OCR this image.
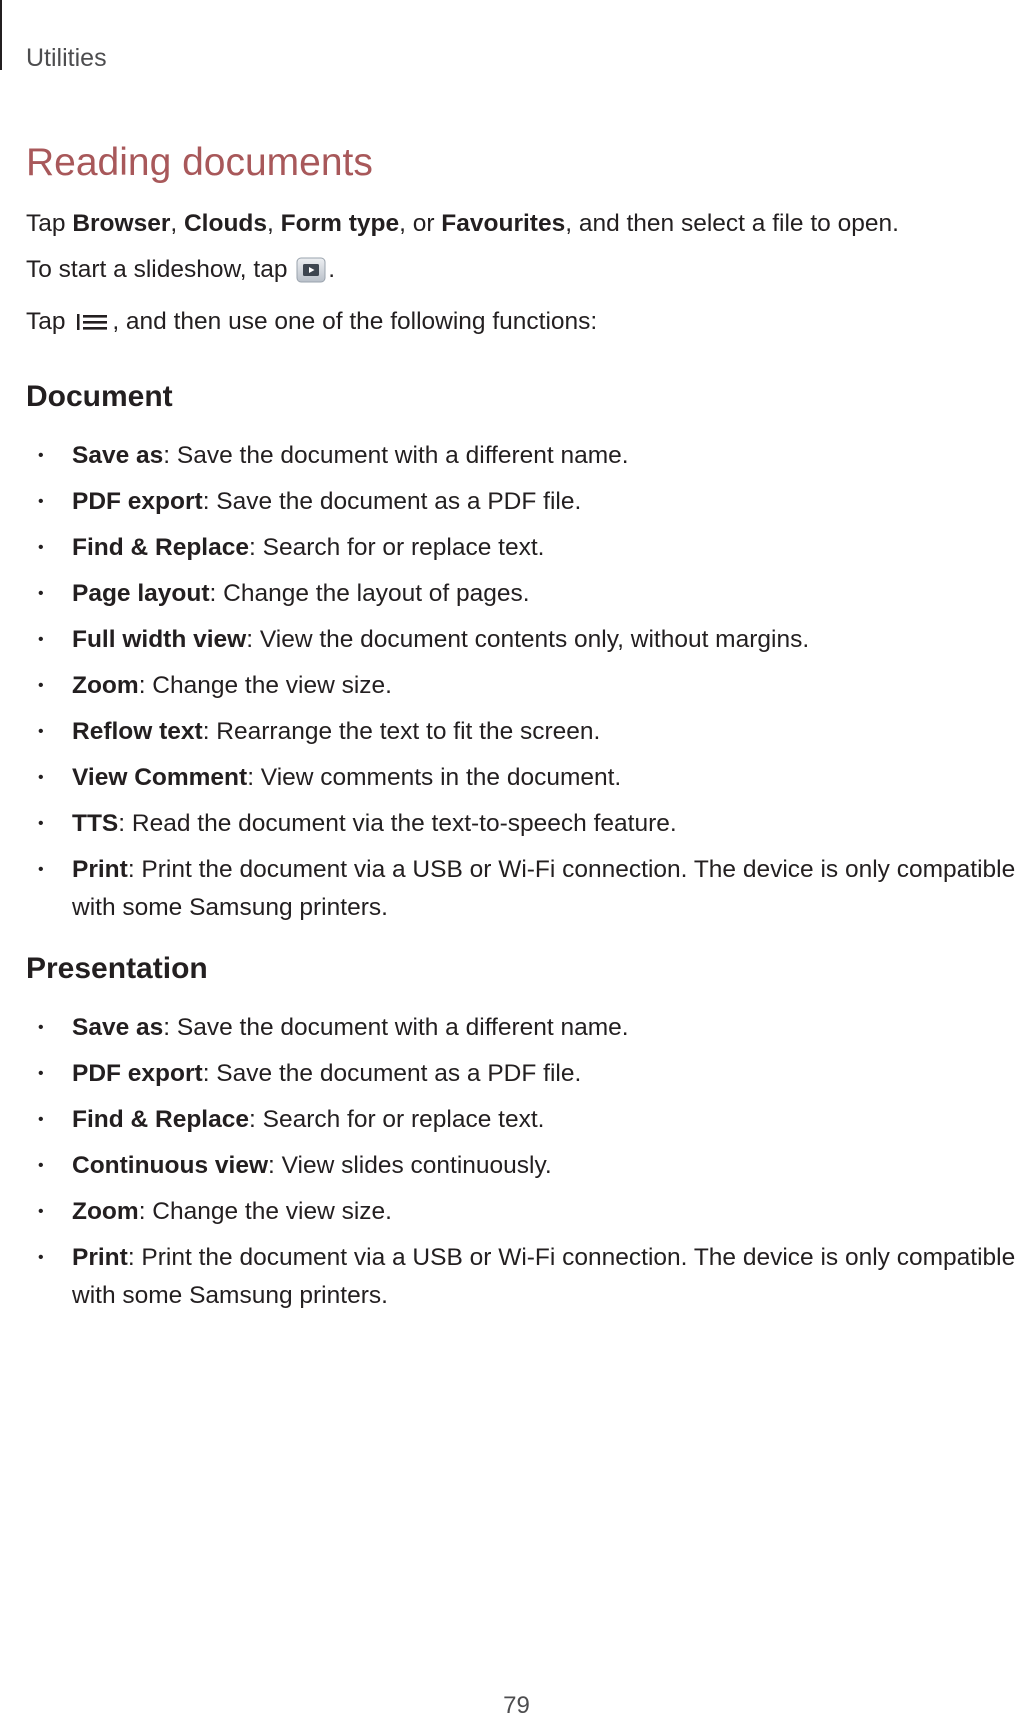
Utilities
Reading documents

Tap Browser, Clouds, Form type, or Favourites, and then select a file to open.

To start a slideshow, tap .

Tap , and then use one of the following functions:

Document
• Save as: Save the document with a different name.
• PDF export: Save the document as a PDF file.
• Find & Replace: Search for or replace text.
• Page layout: Change the layout of pages.
• Full width view: View the document contents only, without margins.
• Zoom: Change the view size.
• Reflow text: Rearrange the text to fit the screen.
• View Comment: View comments in the document.
• TTS: Read the document via the text-to-speech feature.
• Print: Print the document via a USB or Wi-Fi connection. The device is only compatible with some Samsung printers.
Presentation
• Save as: Save the document with a different name.
• PDF export: Save the document as a PDF file.
• Find & Replace: Search for or replace text.
• Continuous view: View slides continuously.
• Zoom: Change the view size.
• Print: Print the document via a USB or Wi-Fi connection. The device is only compatible with some Samsung printers.
79
